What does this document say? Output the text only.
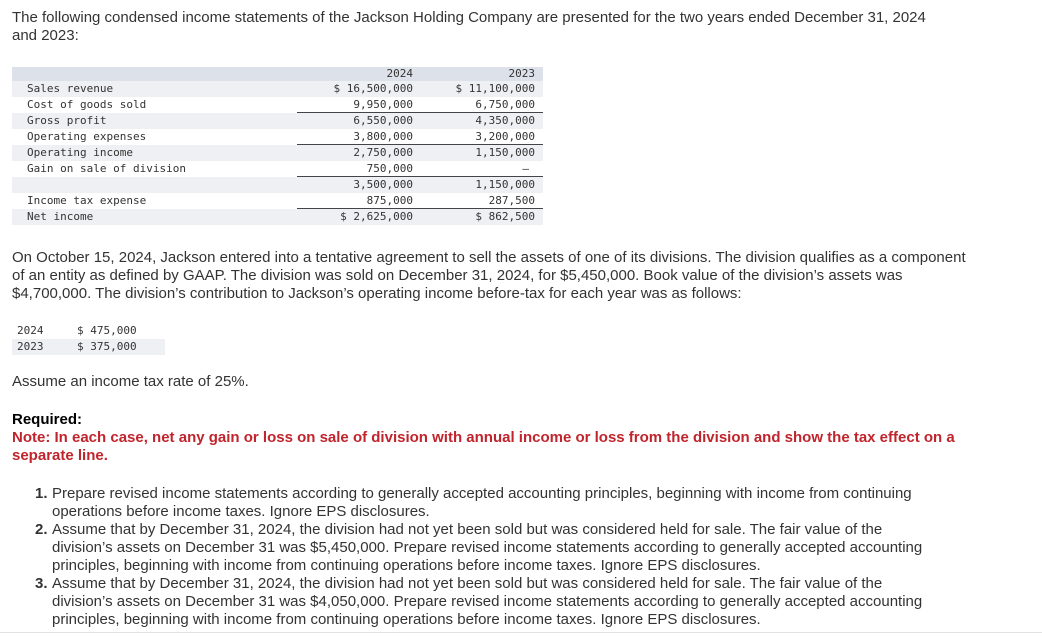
The following condensed income statements of the Jackson Holding Company are presented for the two years ended December 31, 2024 and 2023:

	2024	2023
Sales revenue	$ 16,500,000	$ 11,100,000
Cost of goods sold	9,950,000	6,750,000
Gross profit	6,550,000	4,350,000
Operating expenses	3,800,000	3,200,000
Operating income	2,750,000	1,150,000
Gain on sale of division	750,000	–
	3,500,000	1,150,000
Income tax expense	875,000	287,500
Net income	$ 2,625,000	$ 862,500

On October 15, 2024, Jackson entered into a tentative agreement to sell the assets of one of its divisions. The division qualifies as a component of an entity as defined by GAAP. The division was sold on December 31, 2024, for $5,450,000. Book value of the division’s assets was $4,700,000. The division’s contribution to Jackson’s operating income before-tax for each year was as follows:

2024	$ 475,000
2023	$ 375,000

Assume an income tax rate of 25%.

Required:

Note: In each case, net any gain or loss on sale of division with annual income or loss from the division and show the tax effect on a separate line.

1. Prepare revised income statements according to generally accepted accounting principles, beginning with income from continuing operations before income taxes. Ignore EPS disclosures.
2. Assume that by December 31, 2024, the division had not yet been sold but was considered held for sale. The fair value of the division’s assets on December 31 was $5,450,000. Prepare revised income statements according to generally accepted accounting principles, beginning with income from continuing operations before income taxes. Ignore EPS disclosures.
3. Assume that by December 31, 2024, the division had not yet been sold but was considered held for sale. The fair value of the division’s assets on December 31 was $4,050,000. Prepare revised income statements according to generally accepted accounting principles, beginning with income from continuing operations before income taxes. Ignore EPS disclosures.
